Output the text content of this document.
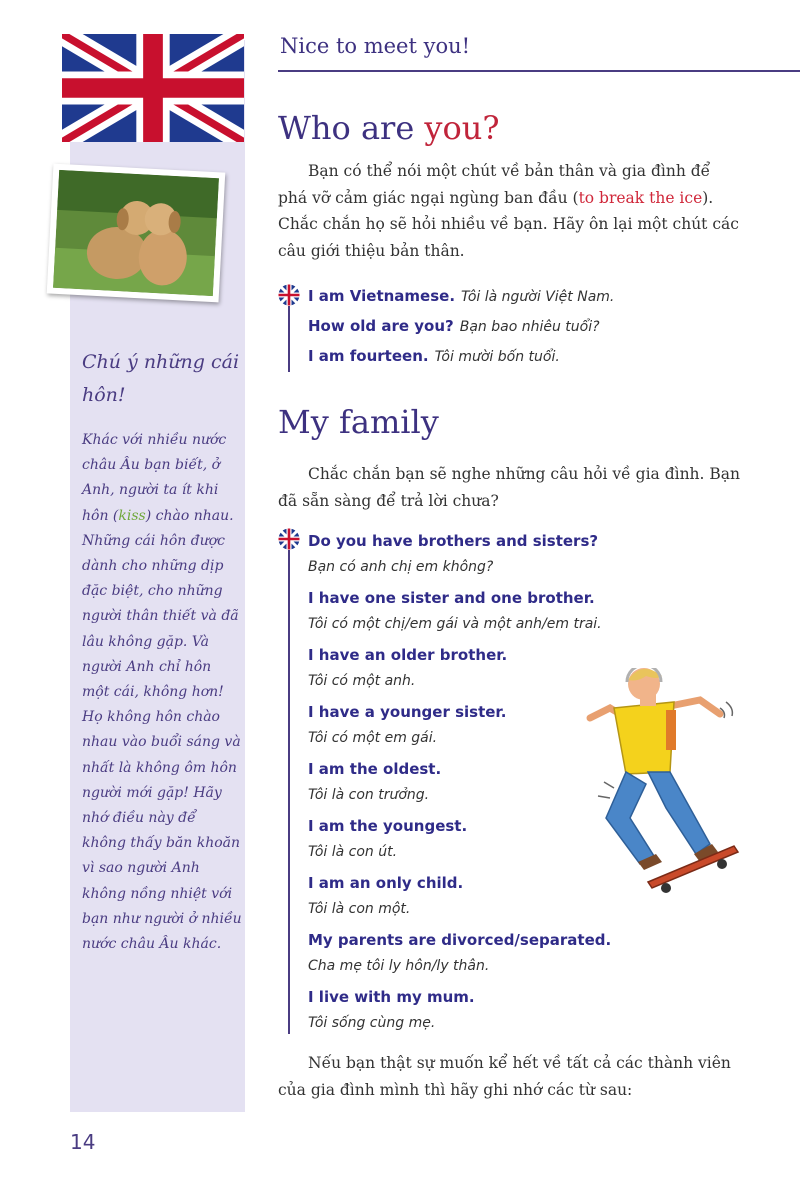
Chú ý những cái hôn!
Khác với nhiều nước châu Âu bạn biết, ở Anh, người ta ít khi hôn (kiss) chào nhau. Những cái hôn được dành cho những dịp đặc biệt, cho những người thân thiết và đã lâu không gặp. Và người Anh chỉ hôn một cái, không hơn! Họ không hôn chào nhau vào buổi sáng và nhất là không ôm hôn người mới gặp! Hãy nhớ điều này để không thấy băn khoăn vì sao người Anh không nồng nhiệt với bạn như người ở nhiều nước châu Âu khác.
14
Nice to meet you!
Who are you?
Bạn có thể nói một chút về bản thân và gia đình để phá vỡ cảm giác ngại ngùng ban đầu (to break the ice). Chắc chắn họ sẽ hỏi nhiều về bạn. Hãy ôn lại một chút các câu giới thiệu bản thân.
I am Vietnamese. Tôi là người Việt Nam.
How old are you? Bạn bao nhiêu tuổi?
I am fourteen. Tôi mười bốn tuổi.
My family
Chắc chắn bạn sẽ nghe những câu hỏi về gia đình. Bạn đã sẵn sàng để trả lời chưa?
Do you have brothers and sisters?
Bạn có anh chị em không?
I have one sister and one brother.
Tôi có một chị/em gái và một anh/em trai.
I have an older brother.
Tôi có một anh.
I have a younger sister.
Tôi có một em gái.
I am the oldest.
Tôi là con trưởng.
I am the youngest.
Tôi là con út.
I am an only child.
Tôi là con một.
My parents are divorced/separated.
Cha mẹ tôi ly hôn/ly thân.
I live with my mum.
Tôi sống cùng mẹ.
Nếu bạn thật sự muốn kể hết về tất cả các thành viên của gia đình mình thì hãy ghi nhớ các từ sau:
